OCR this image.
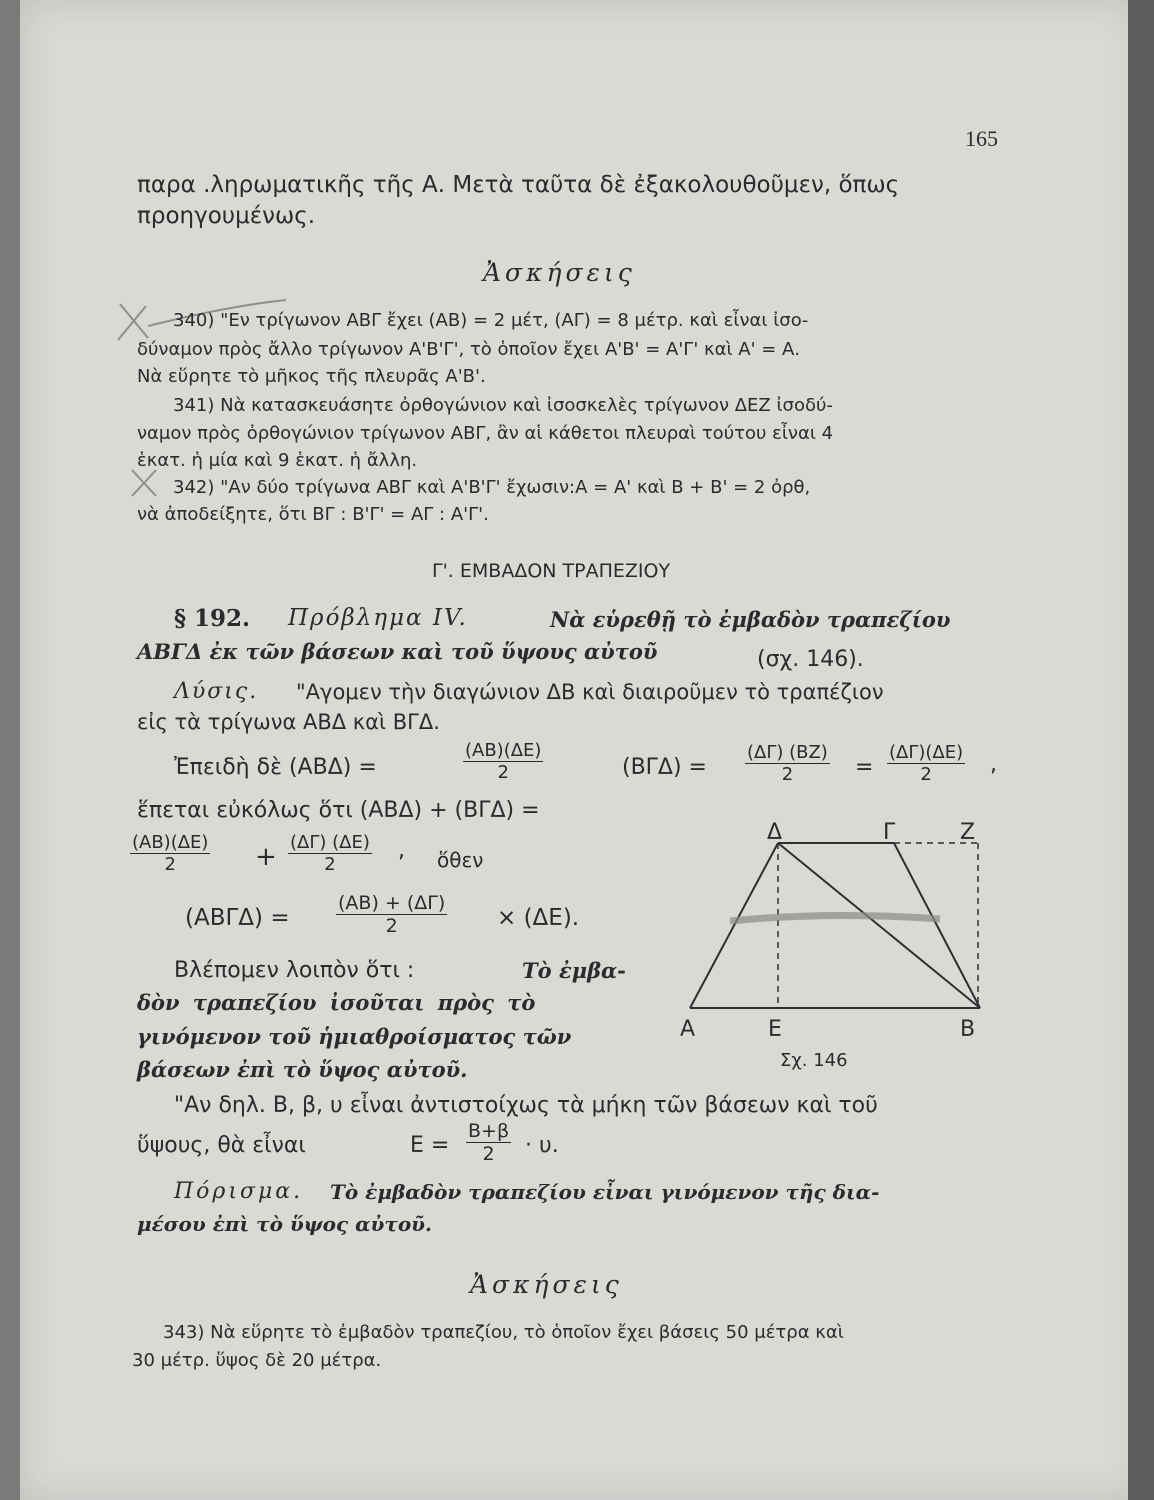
165
παρα .ληρωματικῆς τῆς Α. Μετὰ ταῦτα δὲ ἐξακολουθοῦμεν, ὅπως
προηγουμένως.
Ἀσκήσεις
340) "Εν τρίγωνον ΑΒΓ ἔχει (ΑΒ) = 2 μέτ, (ΑΓ) = 8 μέτρ. καὶ εἶναι ἰσο-
δύναμον πρὸς ἄλλο τρίγωνον Α'Β'Γ', τὸ ὁποῖον ἔχει Α'Β' = Α'Γ' καὶ Α' = Α.
Νὰ εὕρητε τὸ μῆκος τῆς πλευρᾶς Α'Β'.
341) Νὰ κατασκευάσητε ὀρθογώνιον καὶ ἰσοσκελὲς τρίγωνον ΔΕΖ ἰσοδύ-
ναμον πρὸς ὀρθογώνιον τρίγωνον ΑΒΓ, ἂν αἱ κάθετοι πλευραὶ τούτου εἶναι 4
ἑκατ. ἡ μία καὶ 9 ἑκατ. ἡ ἄλλη.
342) "Αν δύο τρίγωνα ΑΒΓ καὶ Α'Β'Γ' ἔχωσιν:Α = Α' καὶ Β + Β' = 2 ὀρθ,
νὰ ἀποδείξητε, ὅτι ΒΓ : Β'Γ' = ΑΓ : Α'Γ'.
Γ'. ΕΜΒΑΔΟΝ ΤΡΑΠΕΖΙΟΥ
§ 192. Πρόβλημα IV.	Νὰ εὑρεθῇ τὸ ἐμβαδὸν τραπεζίου
ΑΒΓΔ ἐκ τῶν βάσεων καὶ τοῦ ὕψους αὐτοῦ	(σχ. 146).
Λύσις. "Αγομεν τὴν διαγώνιον ΔΒ καὶ διαιροῦμεν τὸ τραπέζιον
εἰς τὰ τρίγωνα ΑΒΔ καὶ ΒΓΔ.
Ἐπειδὴ δὲ (ΑΒΔ) =	$\frac{(AB)(\Delta E)}{2}$	$(B\Gamma\Delta) = \frac{(\Delta\Gamma) (BZ)}{2} = \frac{(\Delta\Gamma)(\Delta E)}{2}$ ,
ἕπεται εὐκόλως ὅτι (ΑΒΔ) + (ΒΓΔ) =
$\frac{(AB)(\Delta E)}{2} + \frac{(\Delta\Gamma) (\Delta E)}{2}$ , ὅθεν
$(AB\Gamma\Delta) = \frac{(AB) + (\Delta\Gamma)}{2} \times (\Delta E)$.
Βλέπομεν λοιπὸν ὅτι :	Τὸ ἐμβα-
δὸν τραπεζίου ἰσοῦται πρὸς τὸ
γινόμενον τοῦ ἡμιαθροίσματος τῶν
βάσεων ἐπὶ τὸ ὕψος αὐτοῦ.
Δ	Γ	Ζ
Α	Ε	Β
Σχ. 146
"Αν δηλ. Β, β, υ εἶναι ἀντιστοίχως τὰ μήκη τῶν βάσεων καὶ τοῦ
ὕψους, θὰ εἶναι	$E = \frac{B+\beta}{2} \cdot \upsilon$.
Πόρισμα. Τὸ ἐμβαδὸν τραπεζίου εἶναι γινόμενον τῆς δια-
μέσου ἐπὶ τὸ ὕψος αὐτοῦ.
Ἀσκήσεις
343) Νὰ εὕρητε τὸ ἐμβαδὸν τραπεζίου, τὸ ὁποῖον ἔχει βάσεις 50 μέτρα καὶ
30 μέτρ. ὕψος δὲ 20 μέτρα.
